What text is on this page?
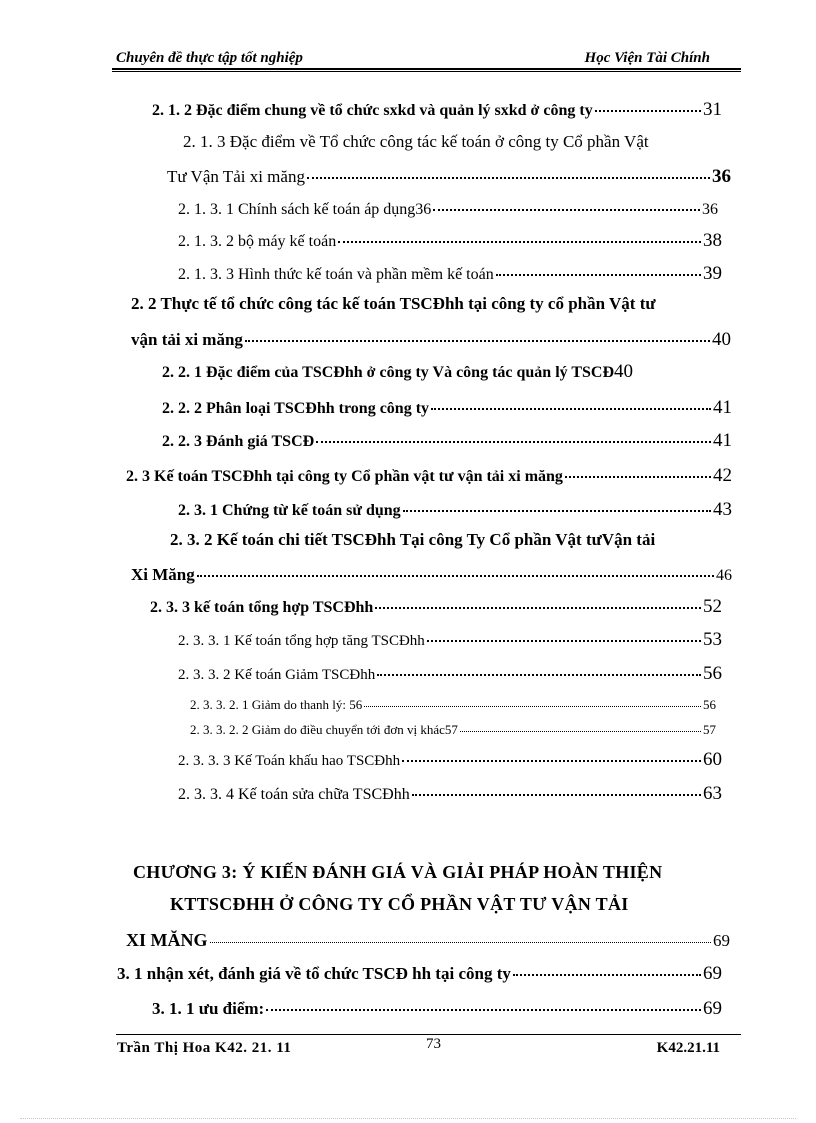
Chuyên đề thực tập tốt nghiệp	Học Viện Tài Chính
2. 1. 2 Đặc điểm chung về tổ chức sxkd và quản lý sxkd ở công ty	31
2. 1. 3 Đặc điểm về Tổ chức công tác kế toán ở công ty Cổ phần Vật
Tư Vận Tải xi măng	36
2. 1. 3. 1 Chính sách kế toán áp dụng36	36
2. 1. 3. 2 bộ máy kế toán	38
2. 1. 3. 3 Hình thức kế toán và phần mềm kế toán	39
2. 2 Thực tế tổ chức công tác kế toán TSCĐhh tại công ty cổ phần Vật tư
vận tải xi măng	40
2. 2. 1 Đặc điểm của TSCĐhh ở công ty Và công tác quản lý TSCĐ 40
2. 2. 2 Phân loại TSCĐhh trong công ty	41
2. 2. 3 Đánh giá TSCĐ	41
2. 3 Kế toán TSCĐhh tại công ty Cổ phần vật tư vận tải xi măng	42
2. 3. 1 Chứng từ kế toán sử dụng	43
2. 3. 2 Kế toán chi tiết TSCĐhh Tại công Ty Cổ phần Vật tưVận tải
Xi Măng	46
2. 3. 3 kế toán tổng hợp TSCĐhh	52
2. 3. 3. 1 Kế toán tổng hợp tăng TSCĐhh	53
2. 3. 3. 2 Kế toán Giảm TSCĐhh	56
2. 3. 3. 2. 1 Giảm do thanh lý: 56	56
2. 3. 3. 2. 2 Giảm do điều chuyển tới đơn vị khác57	57
2. 3. 3. 3 Kế Toán khấu hao TSCĐhh	60
2. 3. 3. 4 Kế toán sửa chữa TSCĐhh	63
CHƯƠNG 3: Ý KIẾN ĐÁNH GIÁ VÀ GIẢI PHÁP HOÀN THIỆN
KTTSCĐHH Ở CÔNG TY CỔ PHẦN VẬT TƯ VẬN TẢI
XI MĂNG	69
3. 1 nhận xét, đánh giá về tổ chức TSCĐ hh tại công ty	69
3. 1. 1 ưu điểm:	69
Trần Thị Hoa K42. 21. 11	73	K42.21.11
